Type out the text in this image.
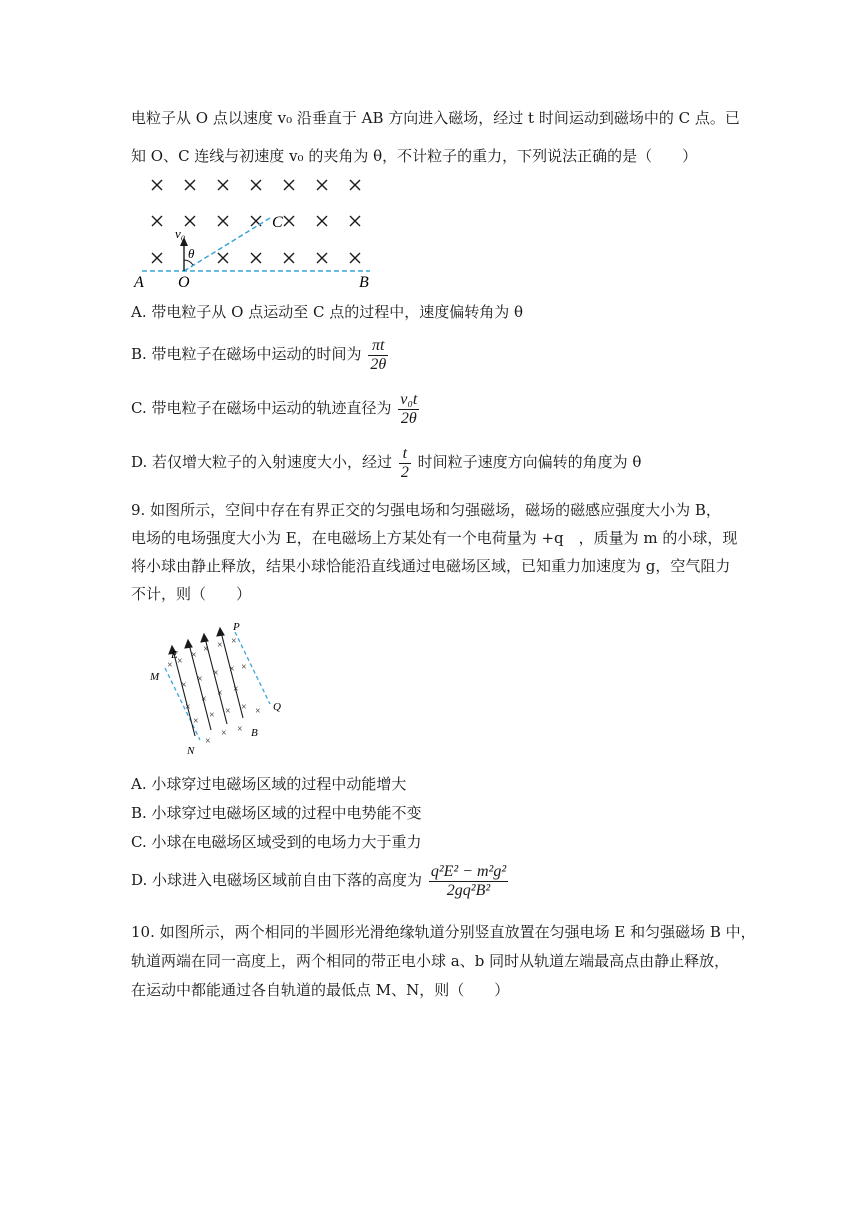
电粒子从 O 点以速度 v₀ 沿垂直于 AB 方向进入磁场，经过 t 时间运动到磁场中的 C 点。已
知 O、C 连线与初速度 v₀ 的夹角为 θ，不计粒子的重力，下列说法正确的是（　　）
v₀
θ
C
A O	B
A. 带电粒子从 O 点运动至 C 点的过程中，速度偏转角为 θ
B. 带电粒子在磁场中运动的时间为 $\frac{\pi t}{2\theta}$
C. 带电粒子在磁场中运动的轨迹直径为 $\frac{\text{v₀t}}{2\theta}$
D. 若仅增大粒子的入射速度大小，经过 $\frac{t}{2}$ 时间粒子速度方向偏转的角度为 θ
9. 如图所示，空间中存在有界正交的匀强电场和匀强磁场，磁场的磁感应强度大小为 B，
电场的电场强度大小为 E，在电磁场上方某处有一个电荷量为 +q　，质量为 m 的小球，现
将小球由静止释放，结果小球恰能沿直线通过电磁场区域，已知重力加速度为 g，空气阻力
不计，则（　　）
× ×
×
× × ×
×
×
× ×
×
×
× ×
×
×
×
× × ×
×
× ×
P
E
M
Q
B
N
A. 小球穿过电磁场区域的过程中动能增大
B. 小球穿过电磁场区域的过程中电势能不变
C. 小球在电磁场区域受到的电场力大于重力
D. 小球进入电磁场区域前自由下落的高度为 $\frac{\text{q²E² − m²g²}}{\text{2gq²B²}}$
10. 如图所示，两个相同的半圆形光滑绝缘轨道分别竖直放置在匀强电场 E 和匀强磁场 B 中，
轨道两端在同一高度上，两个相同的带正电小球 a、b 同时从轨道左端最高点由静止释放，
在运动中都能通过各自轨道的最低点 M、N，则（　　）
